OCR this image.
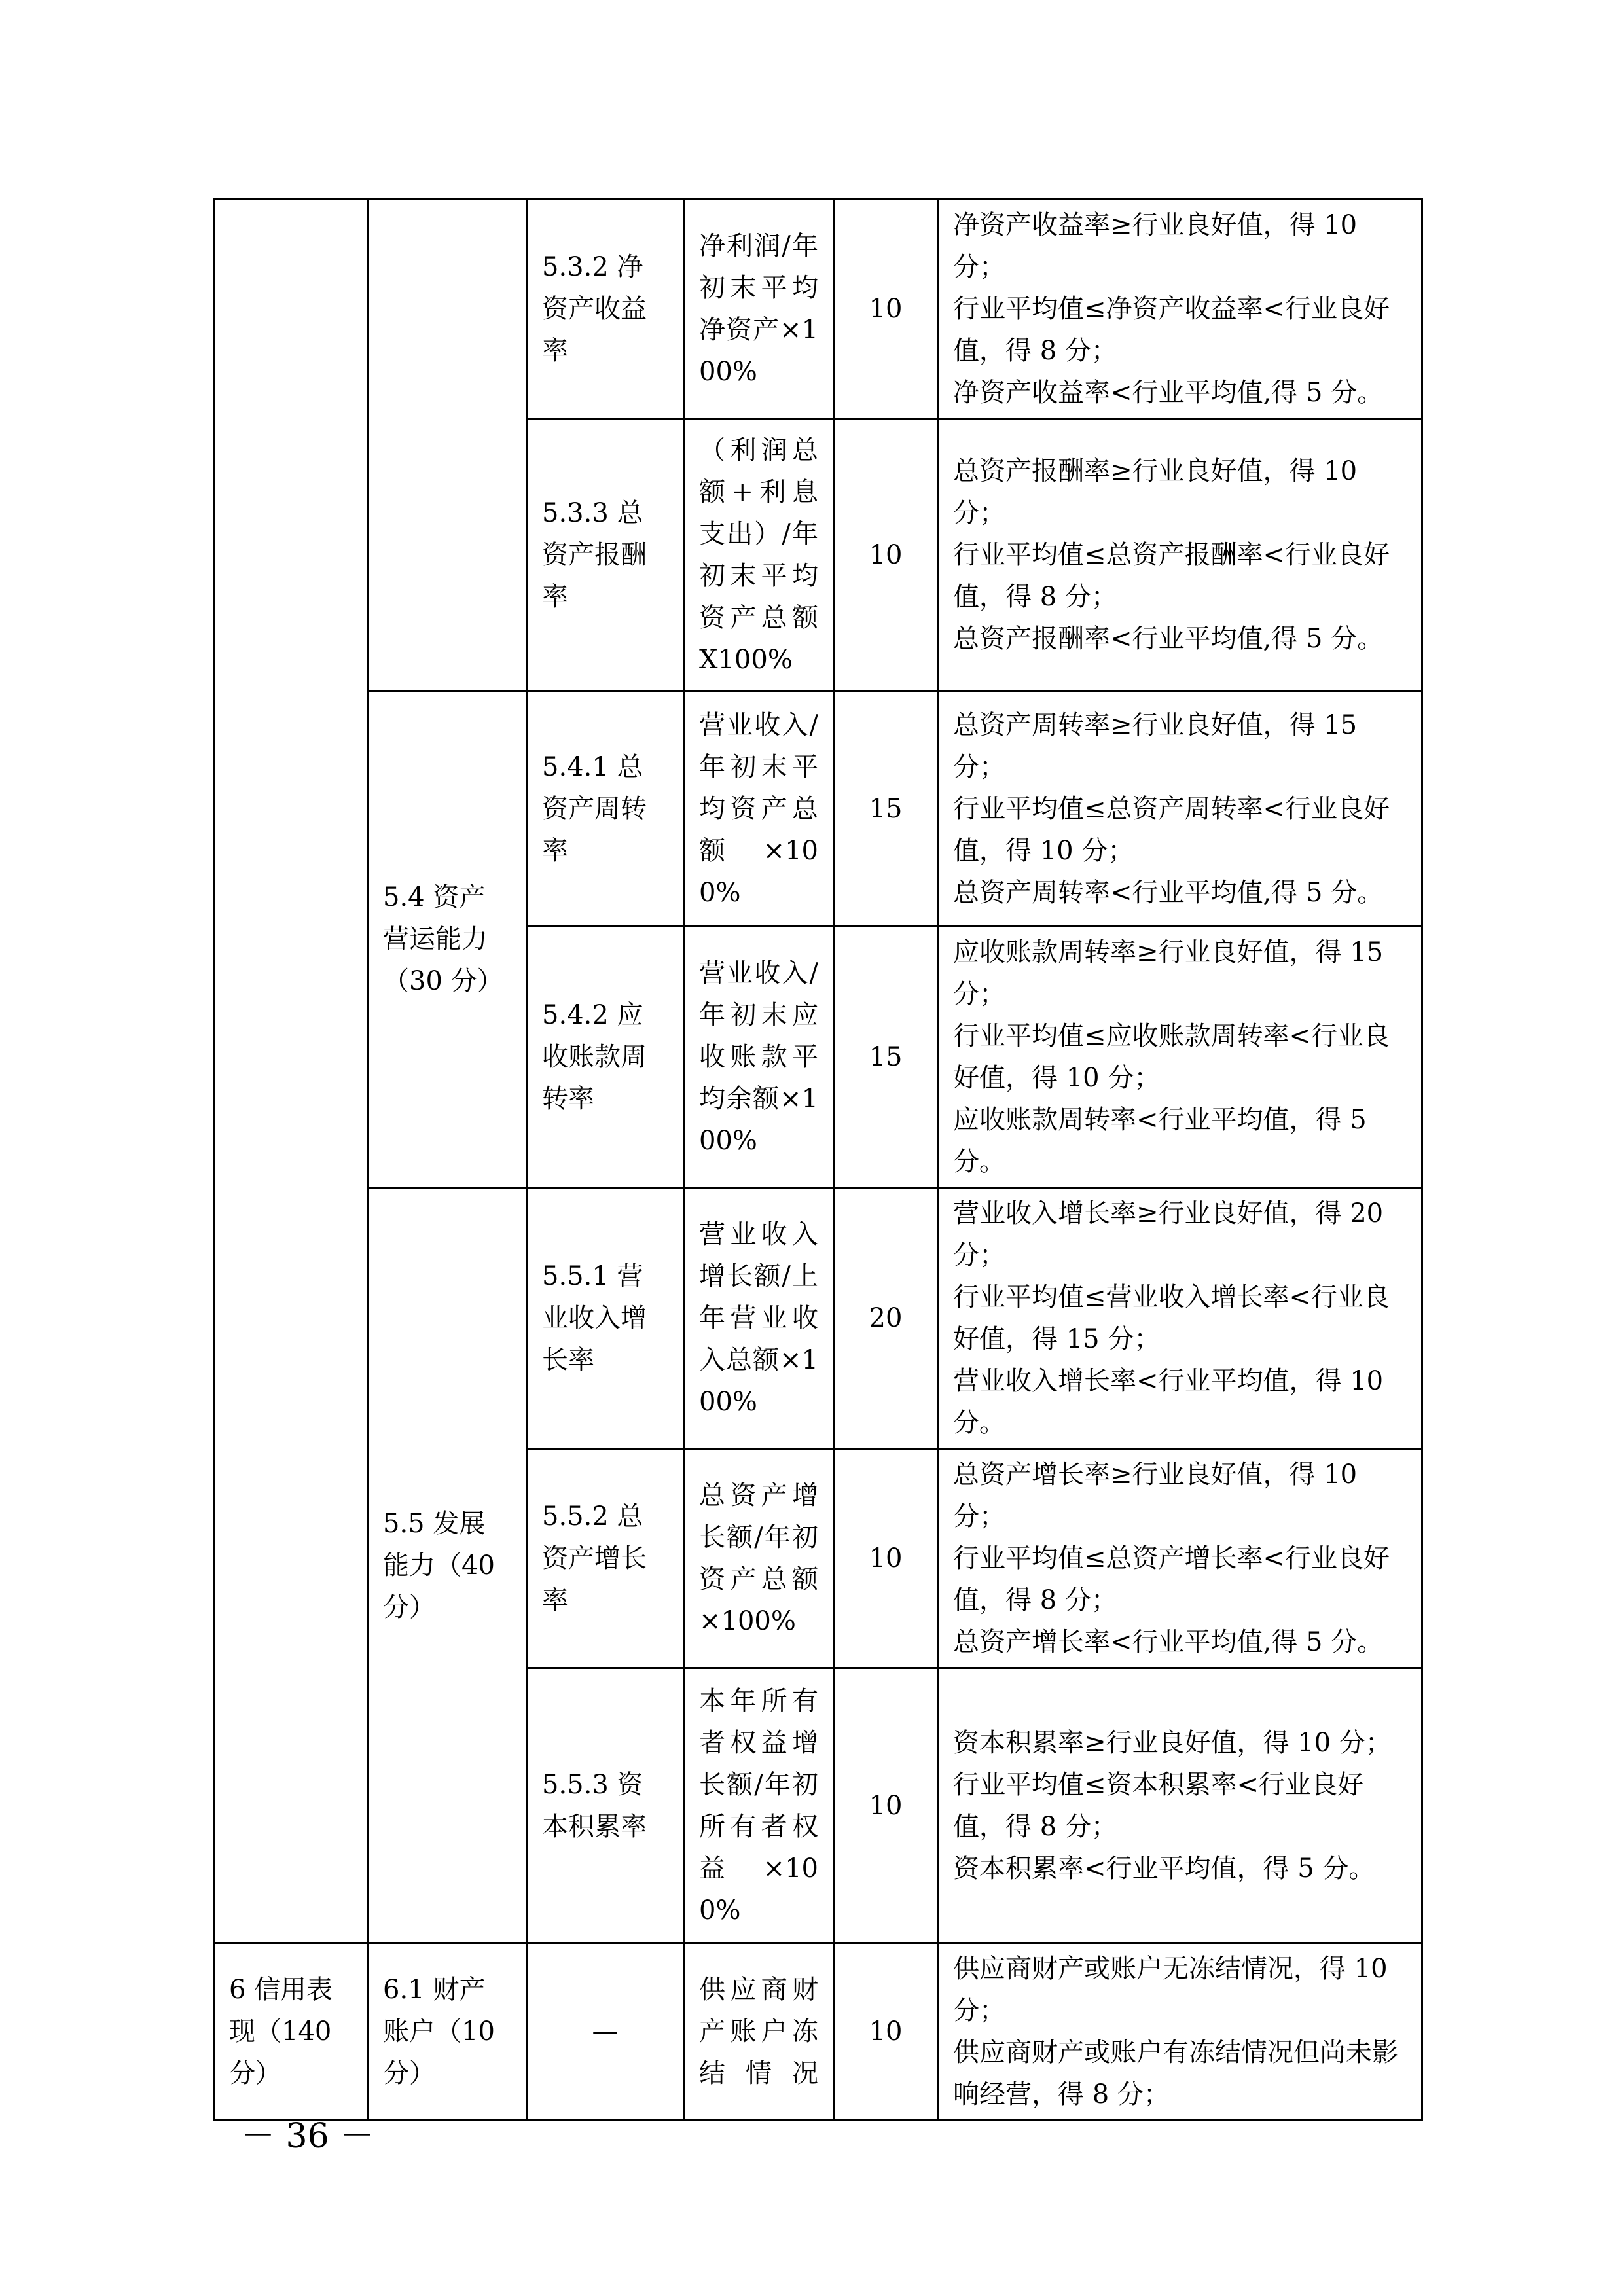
		5.3.2 净资产收益率	净利润/年初末平均净资产×100%	10	净资产收益率≥行业良好值，得 10 分；
行业平均值≤净资产收益率<行业良好值，得 8 分；
净资产收益率<行业平均值,得 5 分。

		5.3.3 总资产报酬率	（利润总额+利息支出）/年初末平均资产总额X100%	10	总资产报酬率≥行业良好值，得 10 分；
行业平均值≤总资产报酬率<行业良好值，得 8 分；
总资产报酬率<行业平均值,得 5 分。

	5.4 资产营运能力（30 分）	5.4.1 总资产周转率	营业收入/年初末平均资产总额×100%	15	总资产周转率≥行业良好值，得 15 分；
行业平均值≤总资产周转率<行业良好值，得 10 分；
总资产周转率<行业平均值,得 5 分。

		5.4.2 应收账款周转率	营业收入/年初末应收账款平均余额×100%	15	应收账款周转率≥行业良好值，得 15 分；
行业平均值≤应收账款周转率<行业良好值，得 10 分；
应收账款周转率<行业平均值，得 5 分。

	5.5 发展能力（40 分）	5.5.1 营业收入增长率	营业收入增长额/上年营业收入总额×100%	20	营业收入增长率≥行业良好值，得 20 分；
行业平均值≤营业收入增长率<行业良好值，得 15 分；
营业收入增长率<行业平均值，得 10 分。

		5.5.2 总资产增长率	总资产增长额/年初资产总额×100%	10	总资产增长率≥行业良好值，得 10 分；
行业平均值≤总资产增长率<行业良好值，得 8 分；
总资产增长率<行业平均值,得 5 分。

		5.5.3 资本积累率	本年所有者权益增长额/年初所有者权益×100%	10	资本积累率≥行业良好值，得 10 分；
行业平均值≤资本积累率<行业良好值，得 8 分；
资本积累率<行业平均值，得 5 分。

6 信用表现（140 分）	6.1 财产账户（10 分）	—	供应商财产账户冻结情况	10	供应商财产或账户无冻结情况，得 10 分；
供应商财产或账户有冻结情况但尚未影响经营，得 8 分；
－ 36 －
